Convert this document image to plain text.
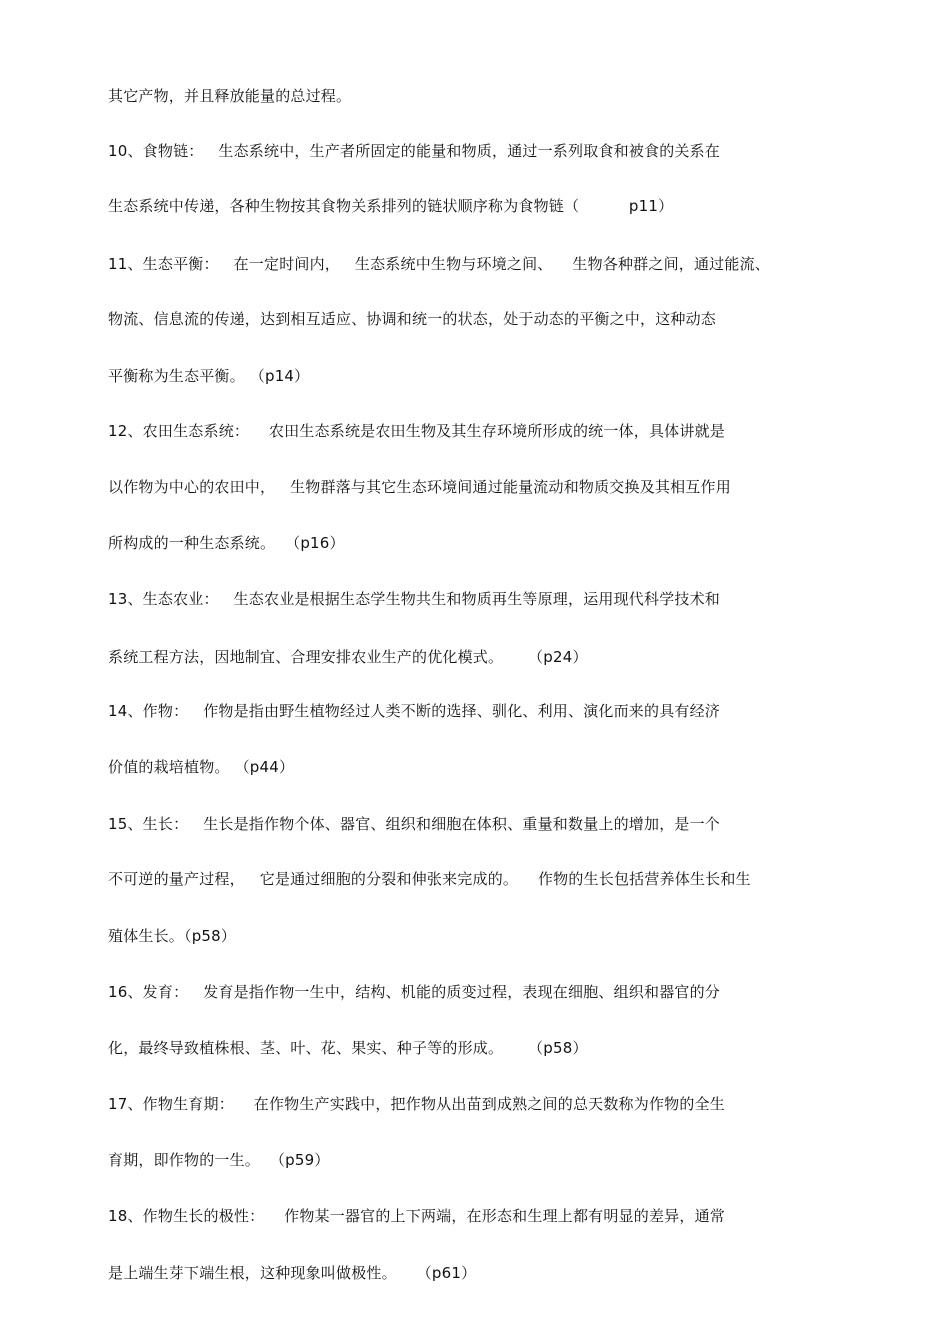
其它产物，并且释放能量的总过程。
10、食物链：   生态系统中，生产者所固定的能量和物质，通过一系列取食和被食的关系在
生态系统中传递，各种生物按其食物关系排列的链状顺序称为食物链（          p11）
11、生态平衡：   在一定时间内，   生态系统中生物与环境之间、    生物各种群之间，通过能流、
物流、信息流的传递，达到相互适应、协调和统一的状态，处于动态的平衡之中，这种动态
平衡称为生态平衡。 （p14）
12、农田生态系统：    农田生态系统是农田生物及其生存环境所形成的统一体，具体讲就是
以作物为中心的农田中，   生物群落与其它生态环境间通过能量流动和物质交换及其相互作用
所构成的一种生态系统。  （p16）
13、生态农业：   生态农业是根据生态学生物共生和物质再生等原理，运用现代科学技术和
系统工程方法，因地制宜、合理安排农业生产的优化模式。     （p24）
14、作物：   作物是指由野生植物经过人类不断的选择、驯化、利用、演化而来的具有经济
价值的栽培植物。 （p44）
15、生长：   生长是指作物个体、器官、组织和细胞在体积、重量和数量上的增加，是一个
不可逆的量产过程，   它是通过细胞的分裂和伸张来完成的。    作物的生长包括营养体生长和生
殖体生长。（p58）
16、发育：   发育是指作物一生中，结构、机能的质变过程，表现在细胞、组织和器官的分
化，最终导致植株根、茎、叶、花、果实、种子等的形成。     （p58）
17、作物生育期：    在作物生产实践中，把作物从出苗到成熟之间的总天数称为作物的全生
育期，即作物的一生。  （p59）
18、作物生长的极性：    作物某一器官的上下两端，在形态和生理上都有明显的差异，通常
是上端生芽下端生根，这种现象叫做极性。    （p61）
